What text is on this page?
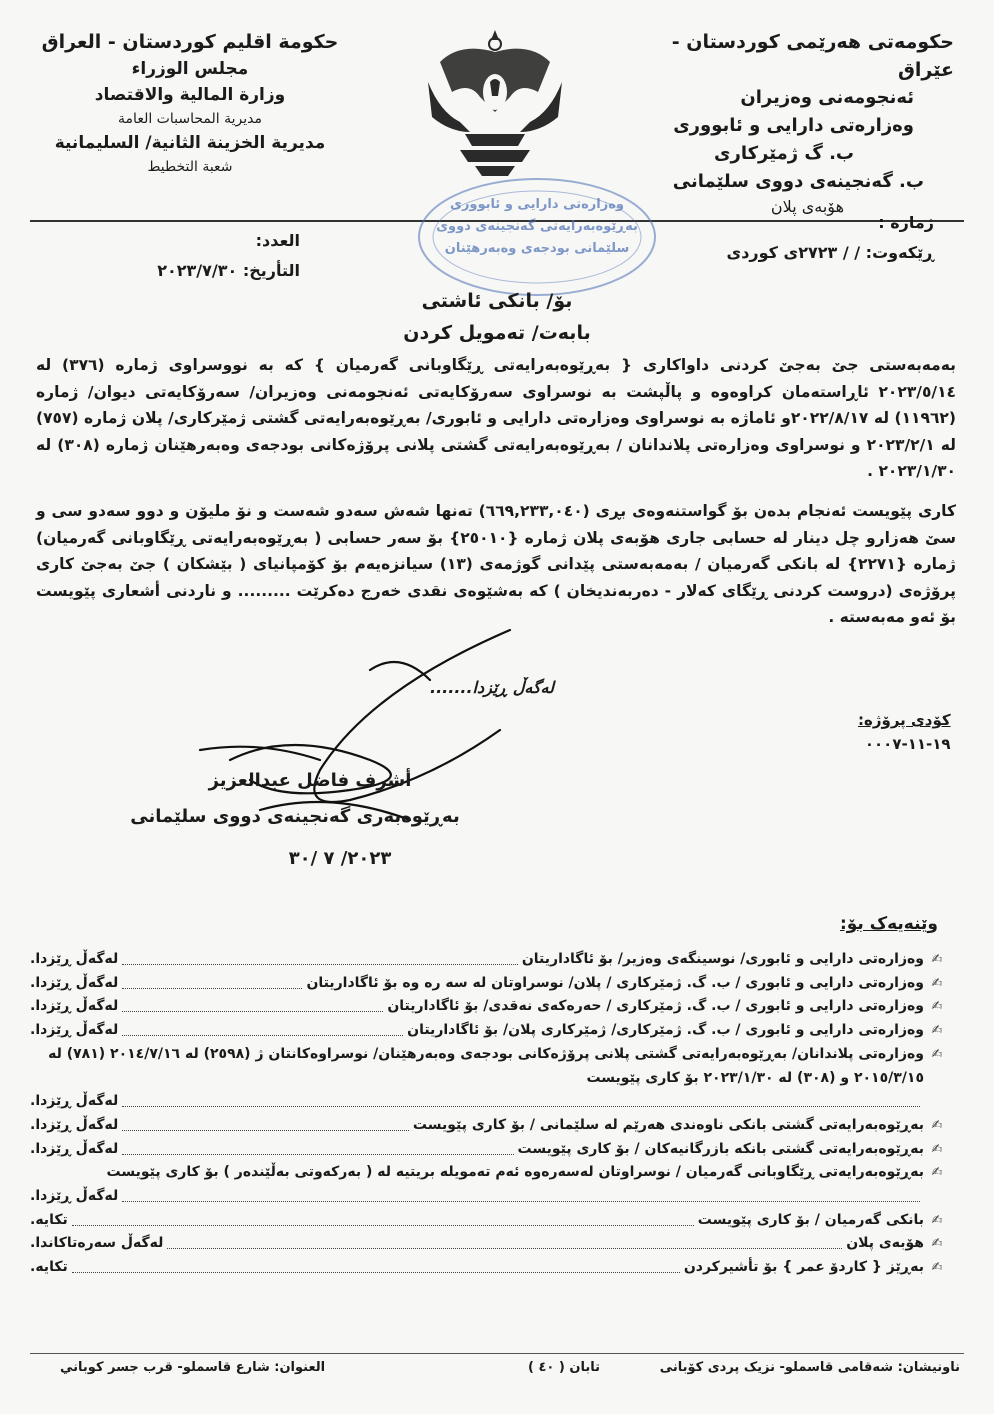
حکومەتی هەرێمی کوردستان - عێراق
ئەنجومەنی وەزیران
وەزارەتی دارایی و ئابووری
ب. گ ژمێرکاری
ب. گەنجینەی دووی سلێمانی
هۆبەی پلان
حكومة اقليم كوردستان - العراق
مجلس الوزراء
وزارة المالية والاقتصاد
مديرية المحاسبات العامة
مديرية الخزينة الثانية/ السليمانية
شعبة التخطيط
وەزارەتی دارایی و ئابووری
بەڕێوەبەرایەتی گەنجینەی دووی
سلێمانی بودجەی وەبەرهێنان
ژمارە :
ڕێکەوت: / / ٢٧٢٣ی کوردی
العدد:
التأريخ: ٢٠٢٣/٧/٣٠
بۆ/ بانکی ئاشتی
بابەت/ تەمویل کردن
بەمەبەستی جێ بەجێ کردنی داواکاری { بەڕێوەبەرایەتی ڕێگاوبانی گەرمیان } کە بە نووسراوی ژمارە (٣٧٦) لە ٢٠٢٣/٥/١٤ ئاڕاستەمان کراوەوە و پاڵپشت بە نوسراوی سەرۆکایەتی ئەنجومەنی وەزیران/ سەرۆکایەتی دیوان/ ژمارە (١١٩٦٢) لە ٢٠٢٢/٨/١٧و ئاماژە بە نوسراوی وەزارەتی دارایی و ئابوری/ بەڕێوەبەرایەتی گشتی ژمێرکاری/ پلان ژمارە (٧٥٧) لە ٢٠٢٣/٢/١ و نوسراوی وەزارەتی پلاندانان / بەڕێوەبەرایەتی گشتی پلانی پرۆژەکانی بودجەی وەبەرهێنان ژمارە (٣٠٨) لە ٢٠٢٣/١/٣٠ .
کاری پێویست ئەنجام بدەن بۆ گواستنەوەی بڕی (٦٦٩,٢٣٣,٠٤٠) تەنها شەش سەدو شەست و نۆ ملیۆن و دوو سەدو سی و سێ هەزارو چل دینار لە حسابی جاری هۆبەی پلان ژمارە {٢٥٠١٠} بۆ سەر حسابی ( بەڕێوەبەرایەتی ڕێگاوبانی گەرمیان) ژمارە {٢٢٧١} لە بانکی گەرمیان / بەمەبەستی پێدانی گوژمەی (١٣) سیانزەیەم بۆ کۆمپانیای ( بێشکان ) جێ بەجێ کاری پرۆژەی (دروست کردنی ڕێگای کەلار - دەربەندیخان ) کە بەشێوەی نقدی خەرج دەکرێت ......... و ناردنی أشعاری پێویست بۆ ئەو مەبەستە .
لەگەڵ ڕێزدا.......
کۆدی پرۆژە:
١٩-١١-٠٠٠٧
أشرف فاضل عبدالعزيز
بەڕێوەبەری گەنجینەی دووی سلێمانی
٢٠٢٣/ ٧ /٣٠
وێنەیەک بۆ:
✍
وەزارەتی دارایی و ئابوری/ نوسینگەی وەزیر/ بۆ ئاگاداریتان
لەگەڵ ڕێزدا.
✍
وەزارەتی دارایی و ئابوری / ب. گ. ژمێرکاری / پلان/ نوسراوتان لە سە رە وە بۆ ئاگاداریتان
لەگەڵ ڕێزدا.
✍
وەزارەتی دارایی و ئابوری / ب. گ. ژمێرکاری / حەرەکەی نەقدی/ بۆ ئاگاداریتان
لەگەڵ ڕێزدا.
✍
وەزارەتی دارایی و ئابوری / ب. گ. ژمێرکاری/ ژمێرکاری پلان/ بۆ ئاگاداریتان
لەگەڵ ڕێزدا.
✍
وەزارەتی پلاندانان/ بەڕێوەبەرایەتی گشتی پلانی پرۆژەکانی بودجەی وەبەرهێنان/ نوسراوەکانتان ژ (٢٥٩٨) لە ٢٠١٤/٧/١٦ (٧٨١) لە ٢٠١٥/٣/١٥ و (٣٠٨) لە ٢٠٢٣/١/٣٠ بۆ کاری پێویست
لەگەڵ ڕێزدا.
✍
بەڕێوەبەرایەتی گشتی بانکی ناوەندی هەرێم لە سلێمانی / بۆ کاری پێویست
لەگەڵ ڕێزدا.
✍
بەڕێوەبەرایەتی گشتی بانکە بازرگانیەکان / بۆ کاری پێویست
لەگەڵ ڕێزدا.
✍
بەڕێوەبەرایەتی ڕێگاوبانی گەرمیان / نوسراوتان لەسەرەوە ئەم تەمویلە بریتیە لە ( بەرکەوتی بەڵێندەر ) بۆ کاری پێویست
لەگەڵ ڕێزدا.
✍
بانکی گەرمیان / بۆ کاری پێویست
تکایە.
✍
هۆبەی پلان
لەگەڵ سەرەتاکاندا.
✍
بەڕێز { کاردۆ عمر } بۆ تأشیرکردن
تکایە.
ناونیشان: شەقامی قاسملو- نزیک پردی کۆبانی
تابان ( ٤٠ )
العنوان: شارع قاسملو- قرب جسر كوباني
